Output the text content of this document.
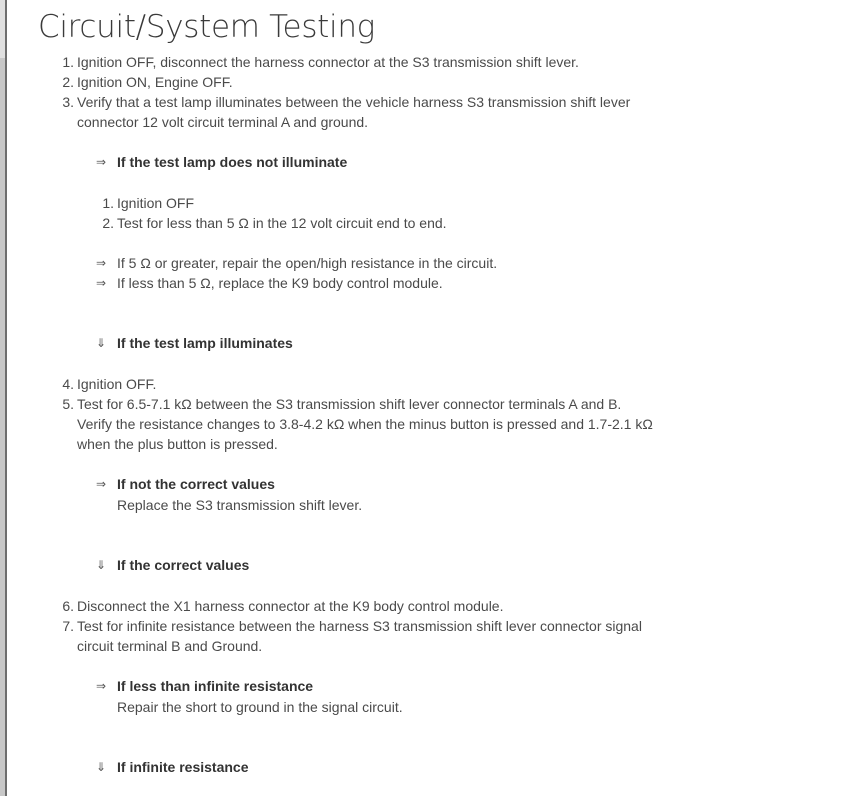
Circuit/System Testing
1. Ignition OFF, disconnect the harness connector at the S3 transmission shift lever.
2. Ignition ON, Engine OFF.
3. Verify that a test lamp illuminates between the vehicle harness S3 transmission shift lever
connector 12 volt circuit terminal A and ground.
⇒ If the test lamp does not illuminate
1. Ignition OFF
2. Test for less than 5 Ω in the 12 volt circuit end to end.
⇒ If 5 Ω or greater, repair the open/high resistance in the circuit.
⇒ If less than 5 Ω, replace the K9 body control module.
⇓ If the test lamp illuminates
4. Ignition OFF.
5. Test for 6.5-7.1 kΩ between the S3 transmission shift lever connector terminals A and B.
Verify the resistance changes to 3.8-4.2 kΩ when the minus button is pressed and 1.7-2.1 kΩ
when the plus button is pressed.
⇒ If not the correct values
Replace the S3 transmission shift lever.
⇓ If the correct values
6. Disconnect the X1 harness connector at the K9 body control module.
7. Test for infinite resistance between the harness S3 transmission shift lever connector signal
circuit terminal B and Ground.
⇒ If less than infinite resistance
Repair the short to ground in the signal circuit.
⇓ If infinite resistance
